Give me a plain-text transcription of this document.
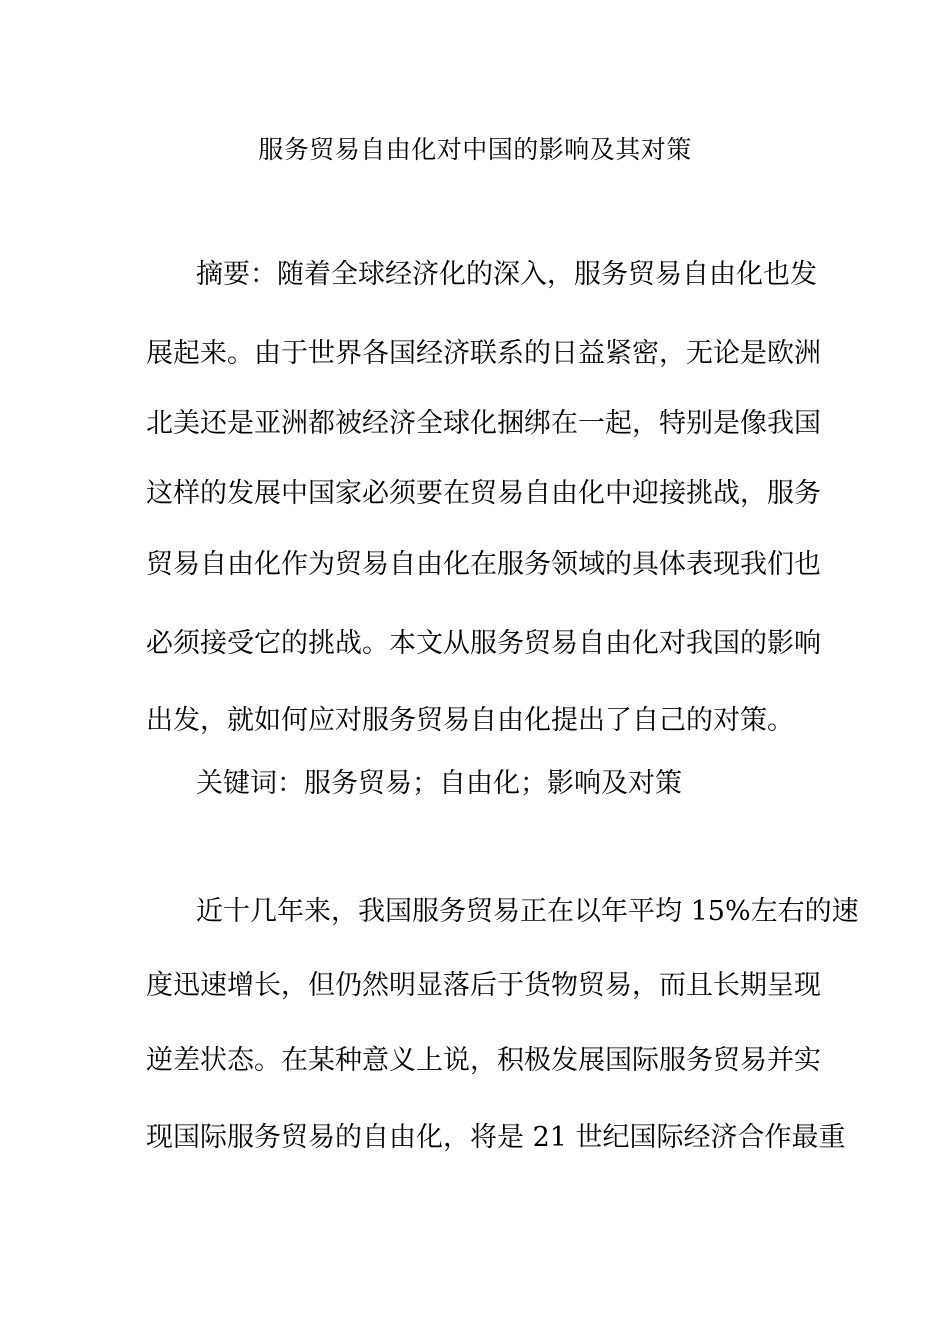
服务贸易自由化对中国的影响及其对策
摘要：随着全球经济化的深入，服务贸易自由化也发
展起来。由于世界各国经济联系的日益紧密，无论是欧洲
北美还是亚洲都被经济全球化捆绑在一起，特别是像我国
这样的发展中国家必须要在贸易自由化中迎接挑战，服务
贸易自由化作为贸易自由化在服务领域的具体表现我们也
必须接受它的挑战。本文从服务贸易自由化对我国的影响
出发，就如何应对服务贸易自由化提出了自己的对策。
关键词：服务贸易；自由化；影响及对策
近十几年来，我国服务贸易正在以年平均 15%左右的速
度迅速增长，但仍然明显落后于货物贸易，而且长期呈现
逆差状态。在某种意义上说，积极发展国际服务贸易并实
现国际服务贸易的自由化，将是 21 世纪国际经济合作最重
